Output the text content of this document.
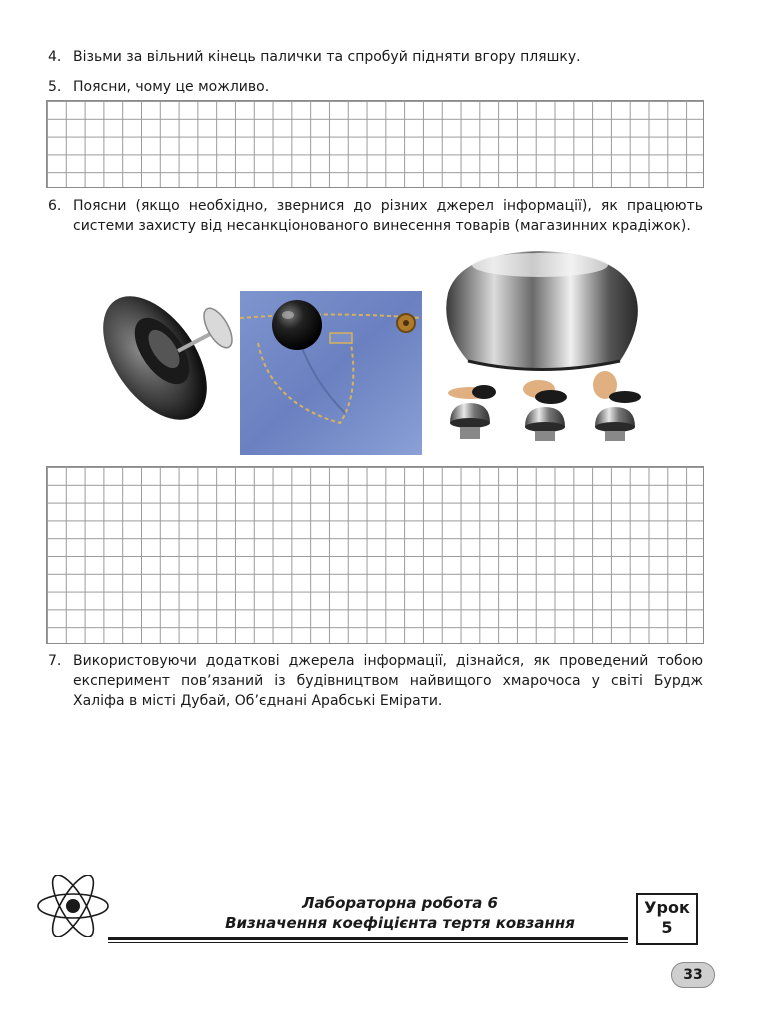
4. Візьми за вільний кінець палички та спробуй підняти вгору пляшку.
5. Поясни, чому це можливо.
6. Поясни (якщо необхідно, звернися до різних джерел інформації), як працюють системи захисту від несанкціонованого винесення товарів (магазинних крадіжок).
7. Використовуючи додаткові джерела інформації, дізнайся, як проведений тобою експеримент пов’язаний із будівництвом найвищого хмарочоса у світі Бурдж Халіфа в місті Дубай, Об’єднані Арабські Емірати.
Лабораторна робота 6
Визначення коефіцієнта тертя ковзання
Урок
5
33
